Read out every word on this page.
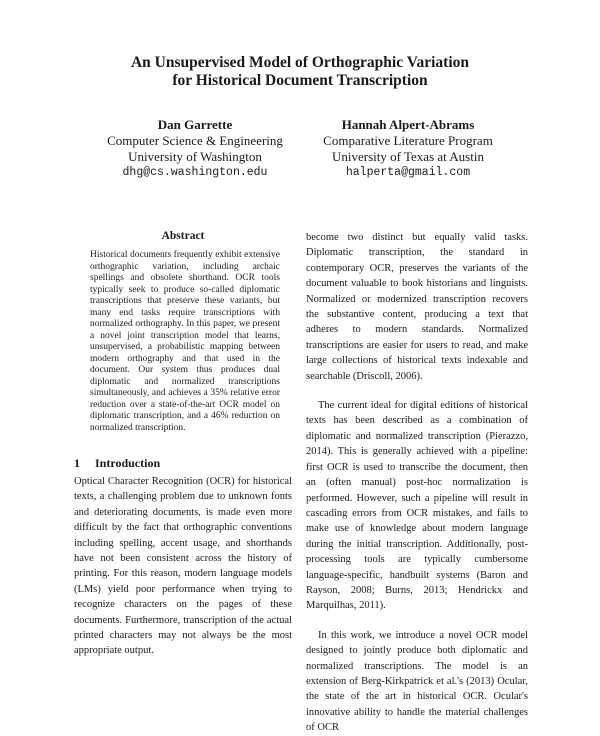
An Unsupervised Model of Orthographic Variation
for Historical Document Transcription
Dan Garrette
Computer Science & Engineering
University of Washington
dhg@cs.washington.edu
Hannah Alpert-Abrams
Comparative Literature Program
University of Texas at Austin
halperta@gmail.com
Abstract
Historical documents frequently exhibit extensive orthographic variation, including archaic spellings and obsolete shorthand. OCR tools typically seek to produce so-called diplomatic transcriptions that preserve these variants, but many end tasks require transcriptions with normalized orthography. In this paper, we present a novel joint transcription model that learns, unsupervised, a probabilistic mapping between modern orthography and that used in the document. Our system thus produces dual diplomatic and normalized transcriptions simultaneously, and achieves a 35% relative error reduction over a state-of-the-art OCR model on diplomatic transcription, and a 46% reduction on normalized transcription.
1 Introduction

Optical Character Recognition (OCR) for historical texts, a challenging problem due to unknown fonts and deteriorating documents, is made even more difficult by the fact that orthographic conventions including spelling, accent usage, and shorthands have not been consistent across the history of printing. For this reason, modern language models (LMs) yield poor performance when trying to recognize characters on the pages of these documents. Furthermore, transcription of the actual printed characters may not always be the most appropriate output.

become two distinct but equally valid tasks. Diplomatic transcription, the standard in contemporary OCR, preserves the variants of the document valuable to book historians and linguists. Normalized or modernized transcription recovers the substantive content, producing a text that adheres to modern standards. Normalized transcriptions are easier for users to read, and make large collections of historical texts indexable and searchable (Driscoll, 2006).

The current ideal for digital editions of historical texts has been described as a combination of diplomatic and normalized transcription (Pierazzo, 2014). This is generally achieved with a pipeline: first OCR is used to transcribe the document, then an (often manual) post-hoc normalization is performed. However, such a pipeline will result in cascading errors from OCR mistakes, and fails to make use of knowledge about modern language during the initial transcription. Additionally, post-processing tools are typically cumbersome language-specific, handbuilt systems (Baron and Rayson, 2008; Burns, 2013; Hendrickx and Marquilhas, 2011).

In this work, we introduce a novel OCR model designed to jointly produce both diplomatic and normalized transcriptions. The model is an extension of Berg-Kirkpatrick et al.'s (2013) Ocular, the state of the art in historical OCR. Ocular's innovative ability to handle the material challenges of OCR
